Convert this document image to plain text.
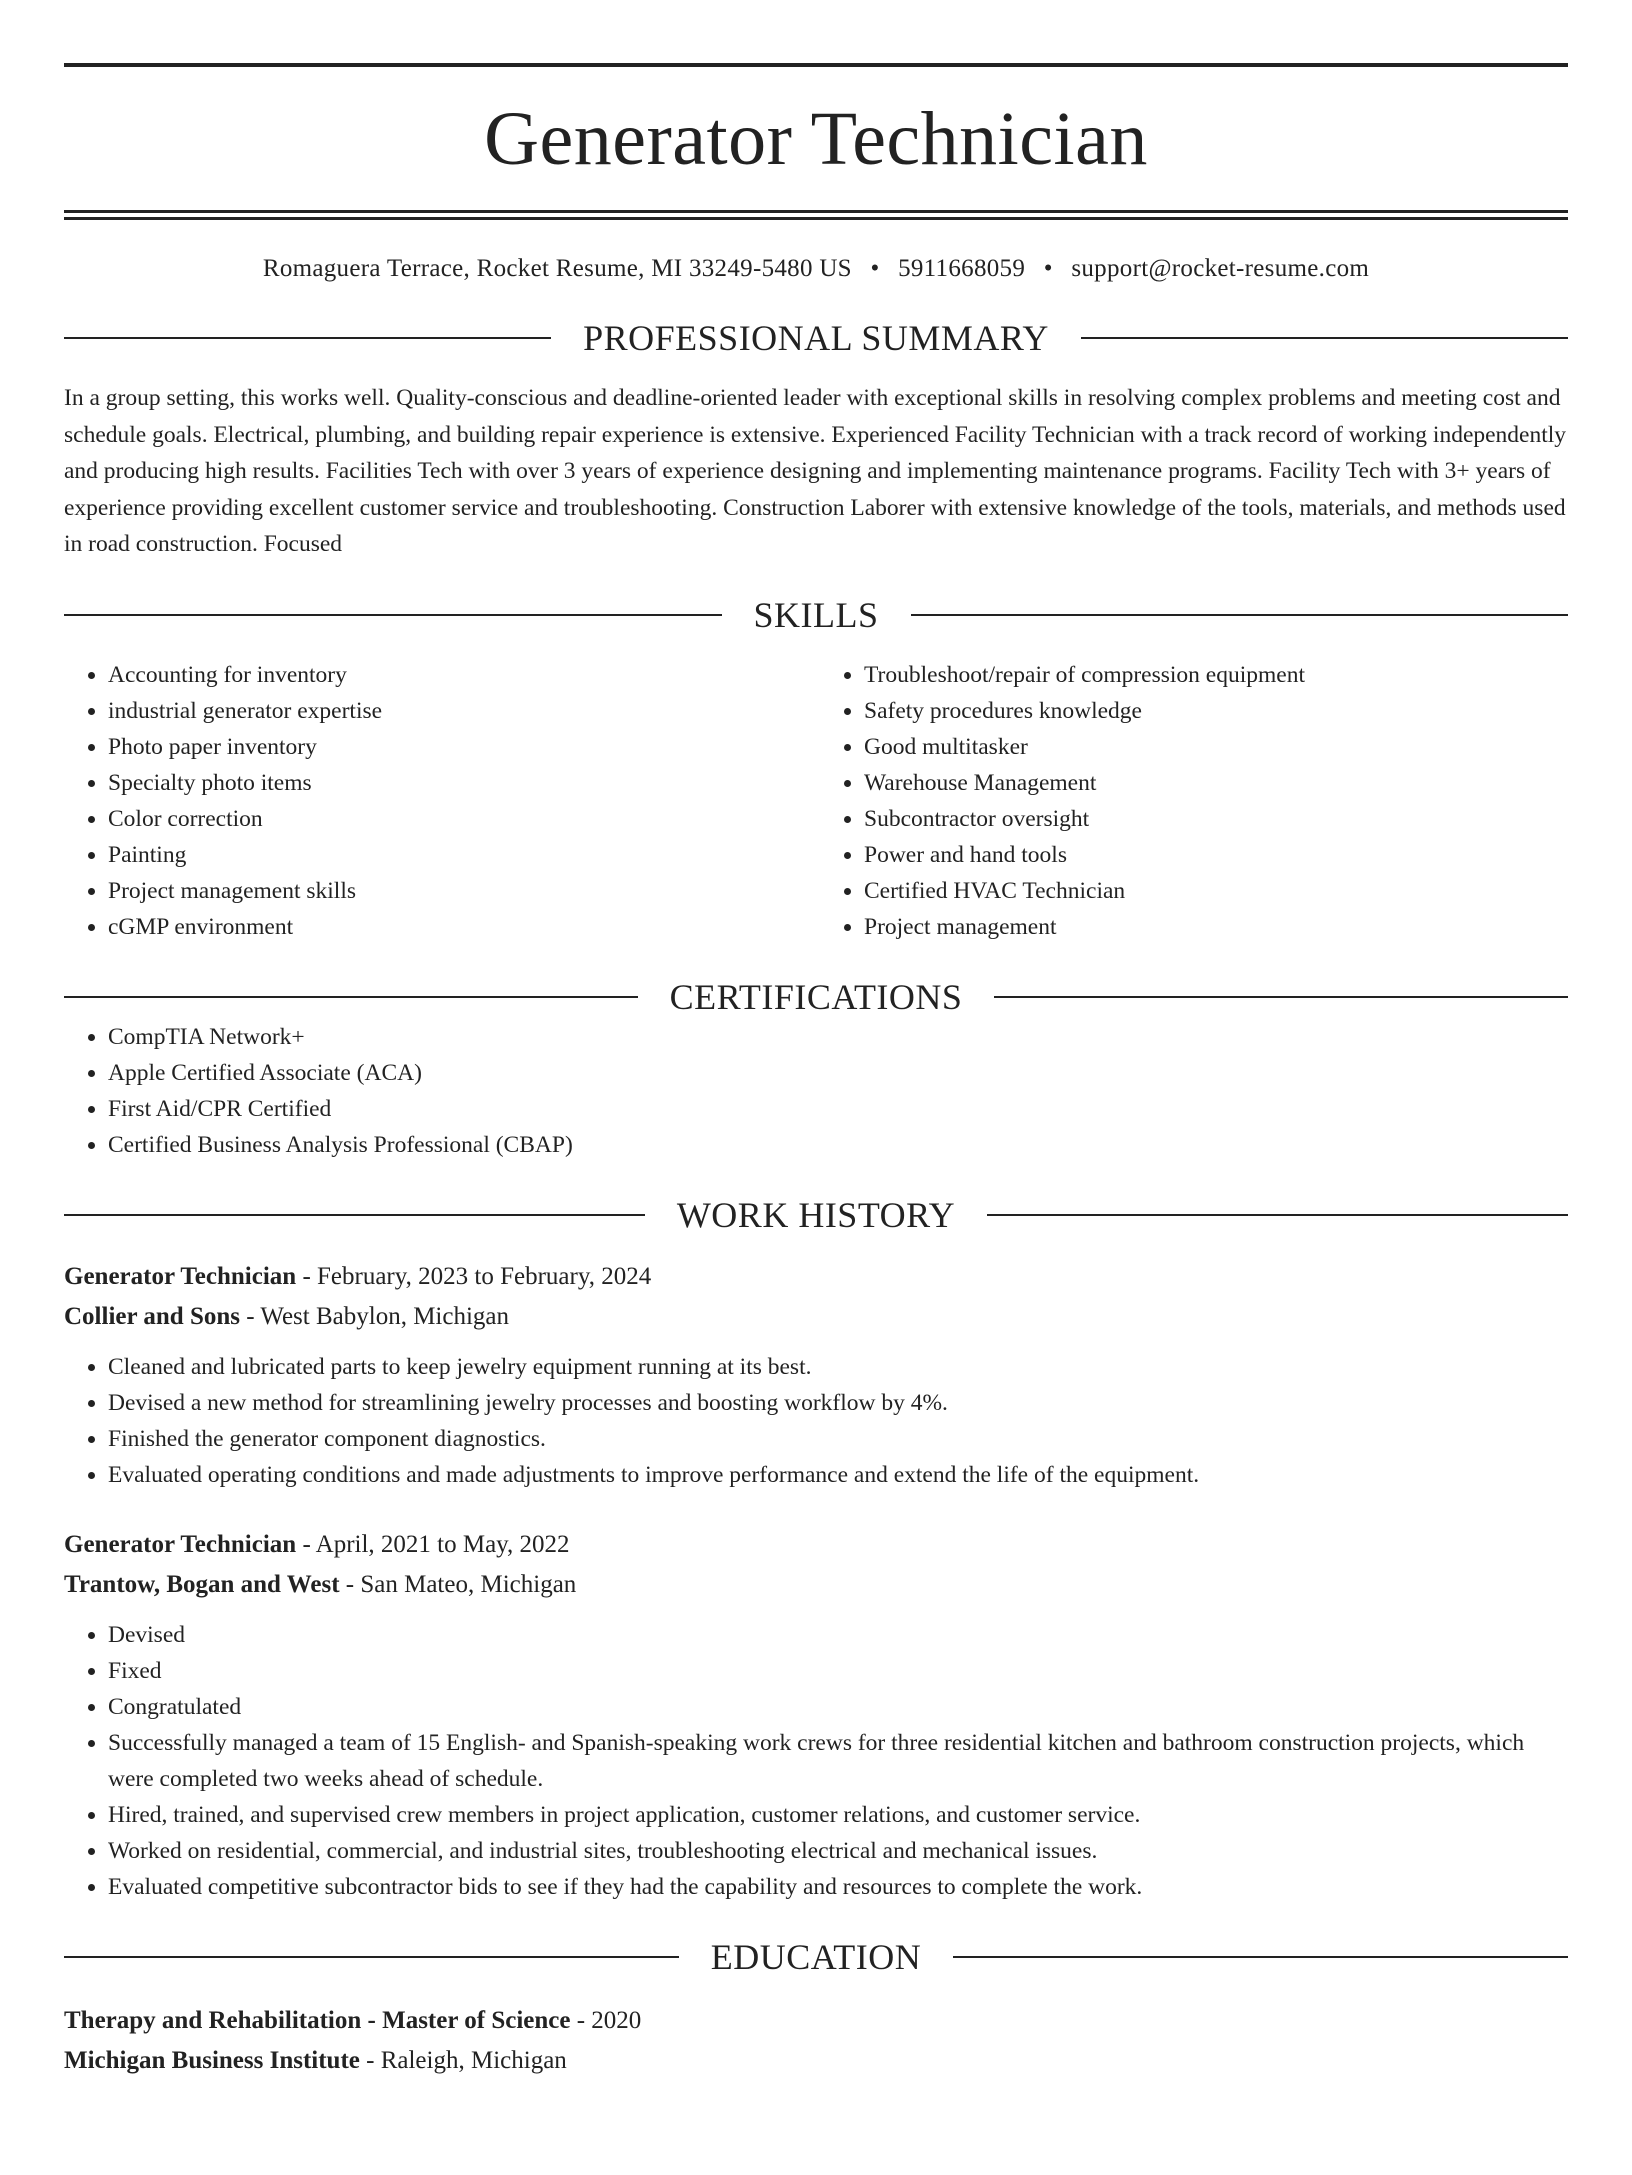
Generator Technician
Romaguera Terrace, Rocket Resume, MI 33249-5480 US • 5911668059 • support@rocket-resume.com
PROFESSIONAL SUMMARY

In a group setting, this works well. Quality-conscious and deadline-oriented leader with exceptional skills in resolving complex problems and meeting cost and schedule goals. Electrical, plumbing, and building repair experience is extensive. Experienced Facility Technician with a track record of working independently and producing high results. Facilities Tech with over 3 years of experience designing and implementing maintenance programs. Facility Tech with 3+ years of experience providing excellent customer service and troubleshooting. Construction Laborer with extensive knowledge of the tools, materials, and methods used in road construction. Focused

SKILLS
• Accounting for inventory
• industrial generator expertise
• Photo paper inventory
• Specialty photo items
• Color correction
• Painting
• Project management skills
• cGMP environment
• Troubleshoot/repair of compression equipment
• Safety procedures knowledge
• Good multitasker
• Warehouse Management
• Subcontractor oversight
• Power and hand tools
• Certified HVAC Technician
• Project management
CERTIFICATIONS
• CompTIA Network+
• Apple Certified Associate (ACA)
• First Aid/CPR Certified
• Certified Business Analysis Professional (CBAP)
WORK HISTORY
Generator Technician - February, 2023 to February, 2024
Collier and Sons - West Babylon, Michigan
• Cleaned and lubricated parts to keep jewelry equipment running at its best.
• Devised a new method for streamlining jewelry processes and boosting workflow by 4%.
• Finished the generator component diagnostics.
• Evaluated operating conditions and made adjustments to improve performance and extend the life of the equipment.
Generator Technician - April, 2021 to May, 2022
Trantow, Bogan and West - San Mateo, Michigan
• Devised
• Fixed
• Congratulated
• Successfully managed a team of 15 English- and Spanish-speaking work crews for three residential kitchen and bathroom construction projects, which were completed two weeks ahead of schedule.
• Hired, trained, and supervised crew members in project application, customer relations, and customer service.
• Worked on residential, commercial, and industrial sites, troubleshooting electrical and mechanical issues.
• Evaluated competitive subcontractor bids to see if they had the capability and resources to complete the work.
EDUCATION
Therapy and Rehabilitation - Master of Science - 2020
Michigan Business Institute - Raleigh, Michigan
